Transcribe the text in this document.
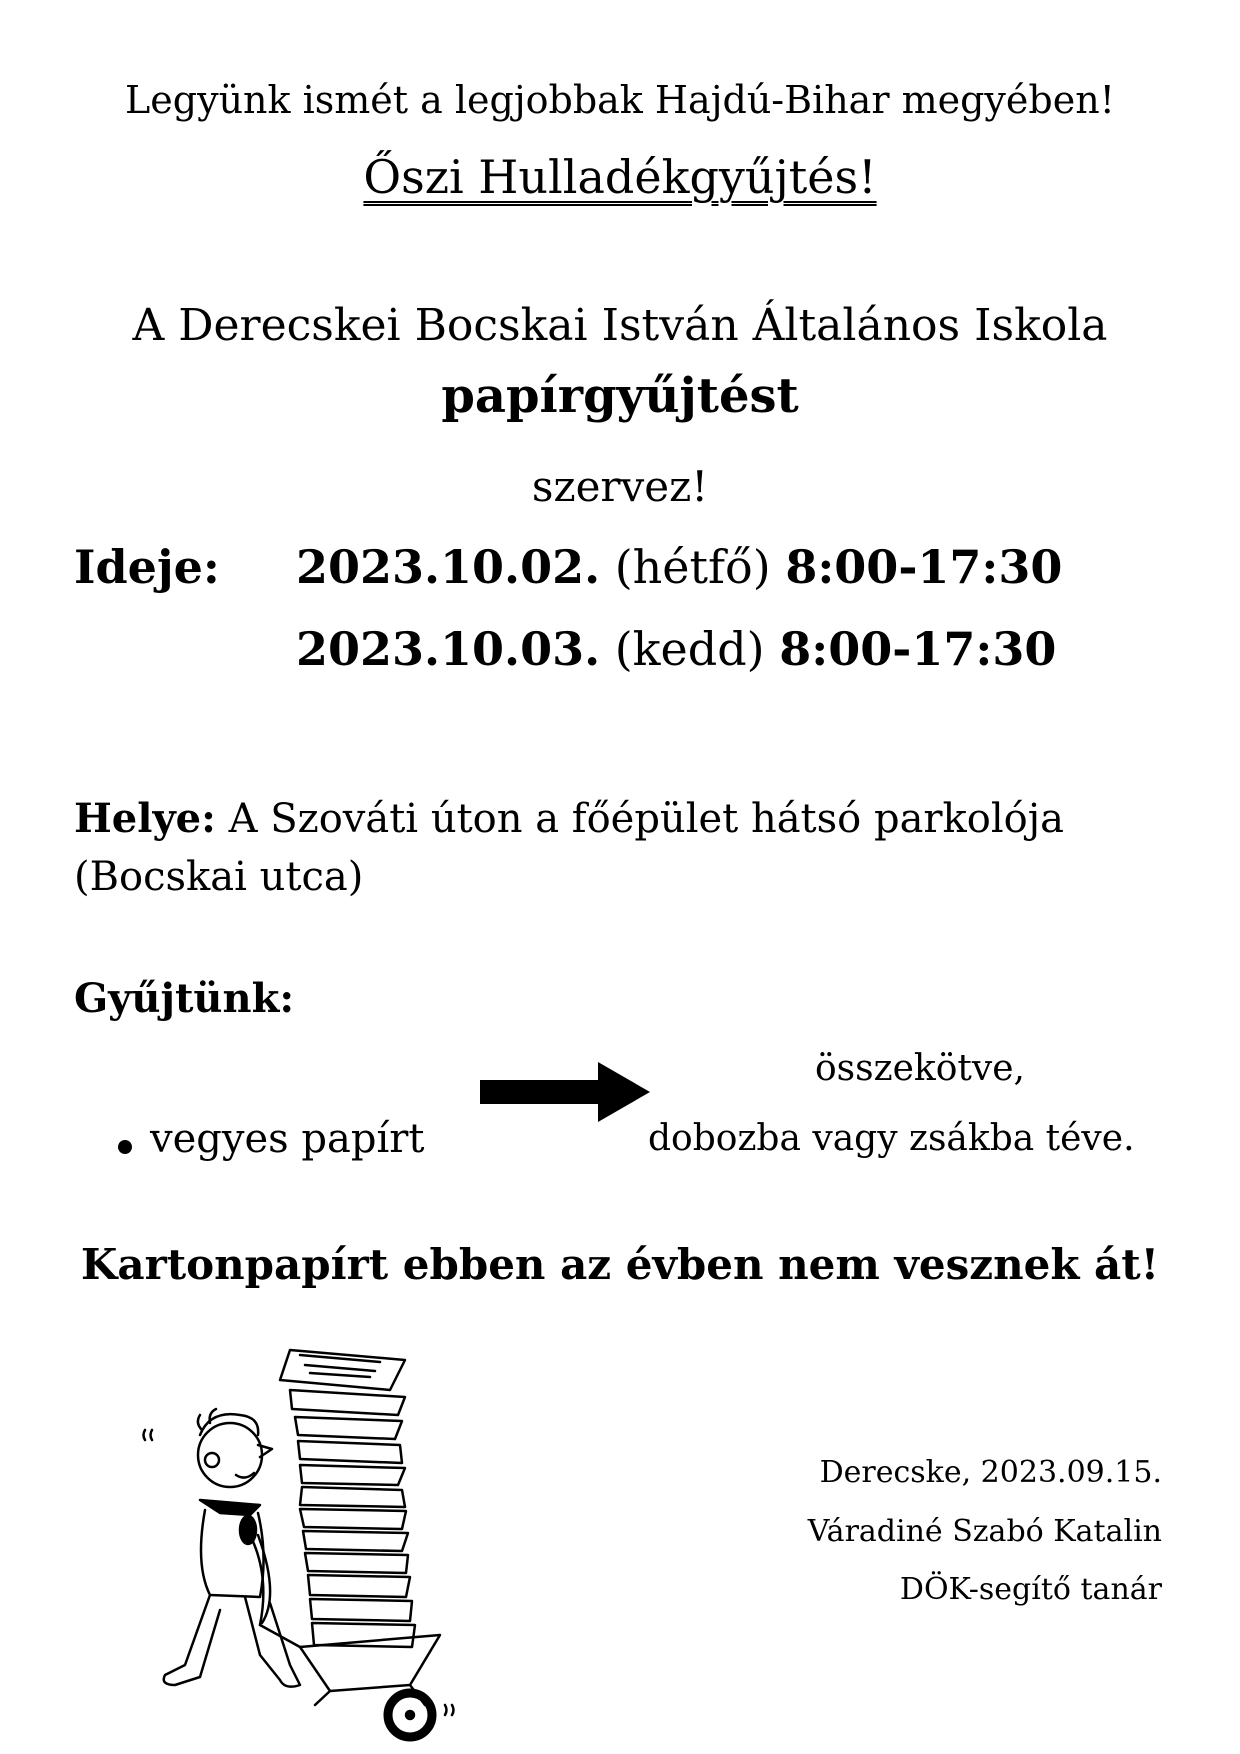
Legyünk ismét a legjobbak Hajdú-Bihar megyében!
Őszi Hulladékgyűjtés!
A Derecskei Bocskai István Általános Iskola
papírgyűjtést
szervez!
Ideje: 2023.10.02. (hétfő) 8:00-17:30
2023.10.03. (kedd) 8:00-17:30
Helye: A Szováti úton a főépület hátsó parkolója
(Bocskai utca)
Gyűjtünk:
vegyes papírt
összekötve,
dobozba vagy zsákba téve.
Kartonpapírt ebben az évben nem vesznek át!
Derecske, 2023.09.15.
Váradiné Szabó Katalin
DÖK-segítő tanár
